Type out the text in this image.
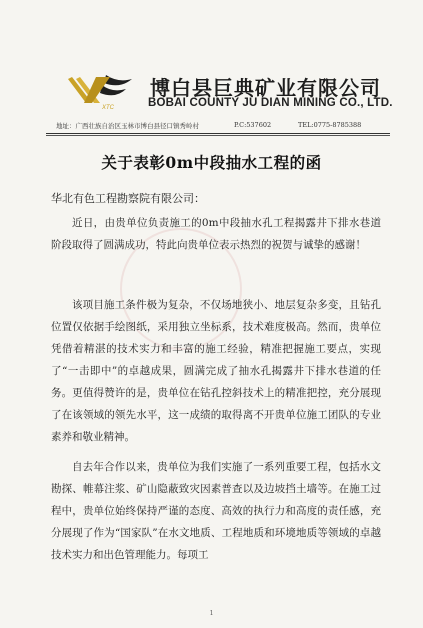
XTC
博白县巨典矿业有限公司
BOBAI COUNTY JU DIAN MINING CO., LTD.
地址：广西壮族自治区玉林市博白县径口镇秀岭村	P.C:537602	TEL:0775-8785388
关于表彰0m中段抽水工程的函
华北有色工程勘察院有限公司：

近日，由贵单位负责施工的0m中段抽水孔工程揭露井下排水巷道阶段取得了圆满成功，特此向贵单位表示热烈的祝贺与诚挚的感谢！

该项目施工条件极为复杂，不仅场地狭小、地层复杂多变，且钻孔位置仅依据手绘图纸，采用独立坐标系，技术难度极高。然而，贵单位凭借着精湛的技术实力和丰富的施工经验，精准把握施工要点，实现了“一击即中”的卓越成果，圆满完成了抽水孔揭露井下排水巷道的任务。更值得赞许的是，贵单位在钻孔控斜技术上的精准把控，充分展现了在该领域的领先水平，这一成绩的取得离不开贵单位施工团队的专业素养和敬业精神。

自去年合作以来，贵单位为我们实施了一系列重要工程，包括水文勘探、帷幕注浆、矿山隐蔽致灾因素普查以及边坡挡土墙等。在施工过程中，贵单位始终保持严谨的态度、高效的执行力和高度的责任感，充分展现了作为“国家队”在水文地质、工程地质和环境地质等领域的卓越技术实力和出色管理能力。每项工

1
